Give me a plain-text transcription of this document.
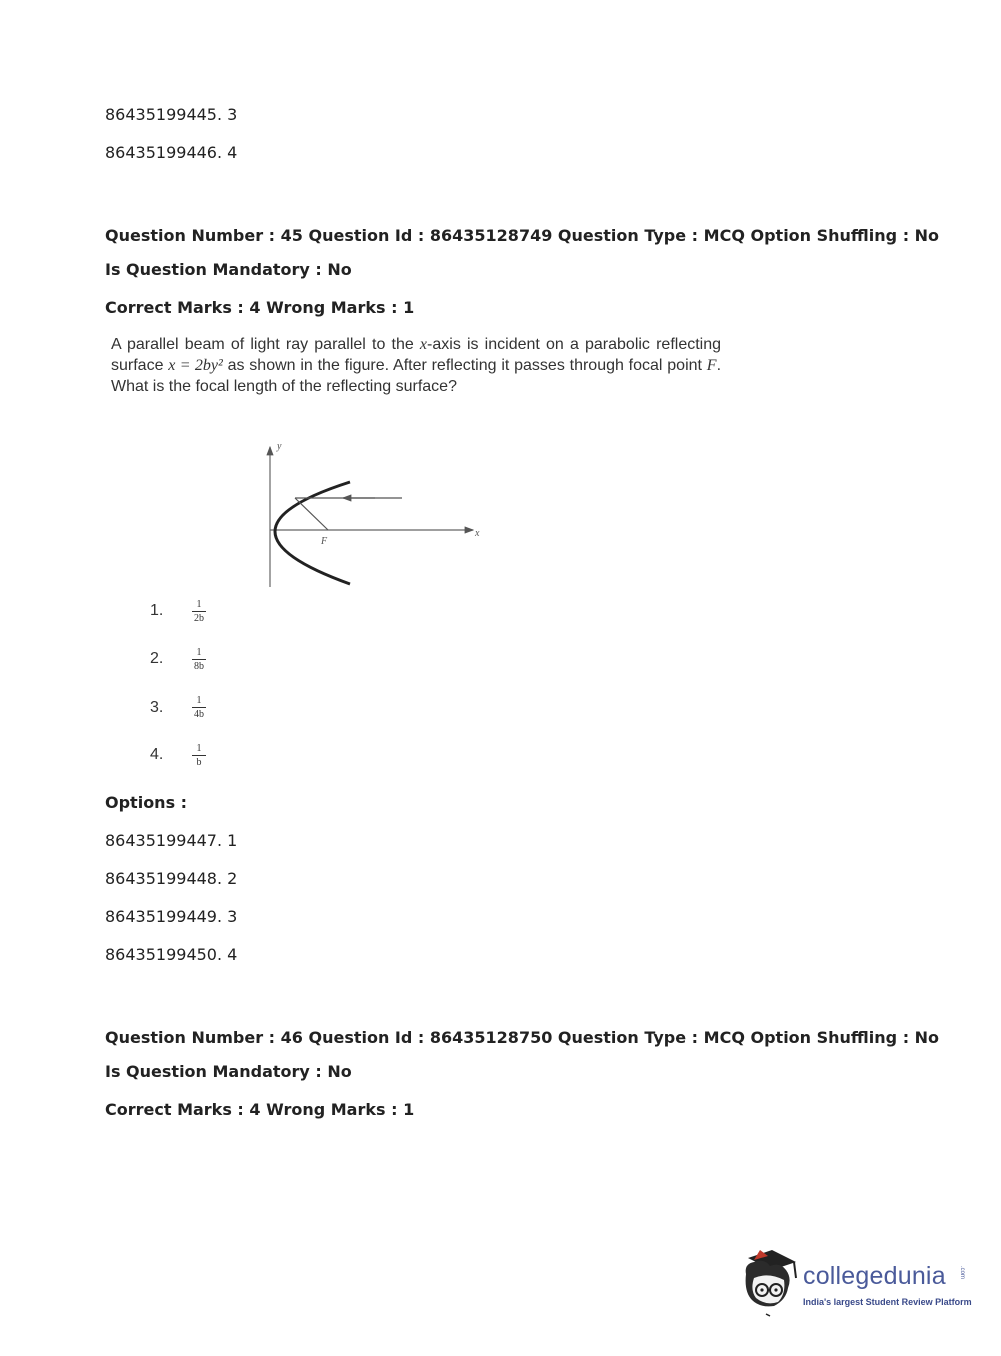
86435199445. 3
86435199446. 4
Question Number : 45 Question Id : 86435128749 Question Type : MCQ Option Shuffling : No
Is Question Mandatory : No
Correct Marks : 4 Wrong Marks : 1
A parallel beam of light ray parallel to the x-axis is incident on a parabolic reflecting surface x = 2by² as shown in the figure. After reflecting it passes through focal point F. What is the focal length of the reflecting surface?
y
x
F
1.	1
2b
2.	1
8b
3.	1
4b
4.	1
b
Options :
86435199447. 1
86435199448. 2
86435199449. 3
86435199450. 4
Question Number : 46 Question Id : 86435128750 Question Type : MCQ Option Shuffling : No
Is Question Mandatory : No
Correct Marks : 4 Wrong Marks : 1
collegedunia .com
India's largest Student Review Platform
